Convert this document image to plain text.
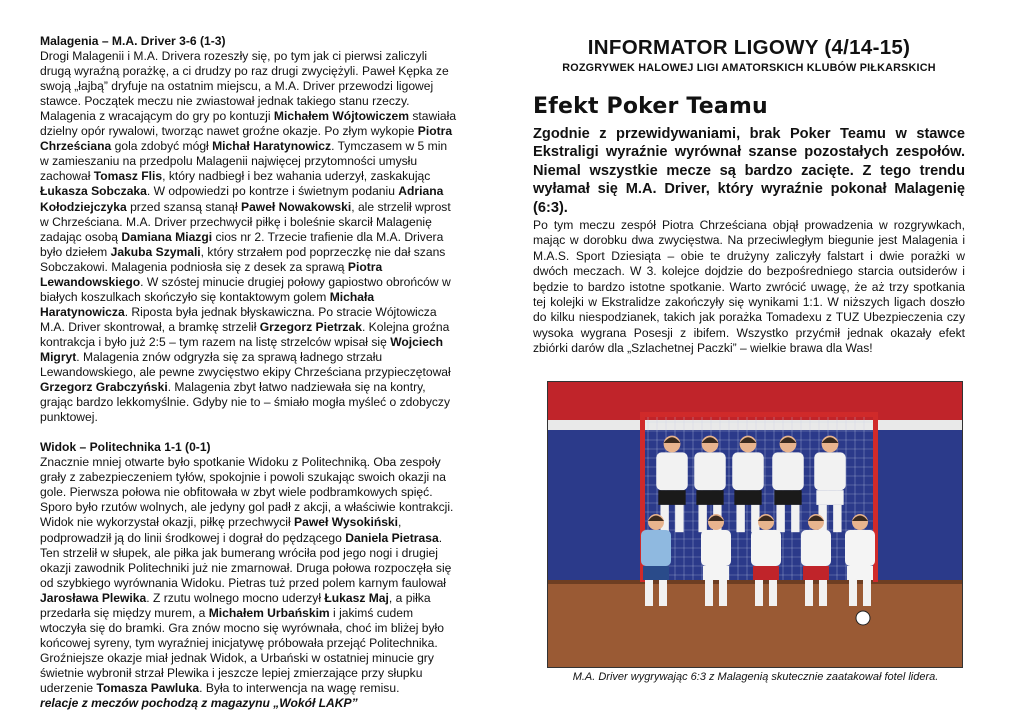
Malagenia – M.A. Driver 3-6 (1-3)

Drogi Malagenii i M.A. Drivera rozeszły się, po tym jak ci pierwsi zaliczyli

drugą wyraźną porażkę, a ci drudzy po raz drugi zwyciężyli. Paweł Kępka ze

swoją „łajbą” dryfuje na ostatnim miejscu, a M.A. Driver przewodzi ligowej

stawce. Początek meczu nie zwiastował jednak takiego stanu rzeczy.

Malagenia z wracającym do gry po kontuzji Michałem Wójtowiczem stawiała

dzielny opór rywalowi, tworząc nawet groźne okazje. Po złym wykopie Piotra

Chrześciana gola zdobyć mógł Michał Haratynowicz. Tymczasem w 5 min

w zamieszaniu na przedpolu Malagenii najwięcej przytomności umysłu

zachował Tomasz Flis, który nadbiegł i bez wahania uderzył, zaskakując

Łukasza Sobczaka. W odpowiedzi po kontrze i świetnym podaniu Adriana

Kołodziejczyka przed szansą stanął Paweł Nowakowski, ale strzelił wprost

w Chrześciana. M.A. Driver przechwycił piłkę i boleśnie skarcił Malagenię

zadając osobą Damiana Miazgi cios nr 2. Trzecie trafienie dla M.A. Drivera

było dziełem Jakuba Szymali, który strzałem pod poprzeczkę nie dał szans

Sobczakowi. Malagenia podniosła się z desek za sprawą Piotra

Lewandowskiego. W szóstej minucie drugiej połowy gapiostwo obrońców w

białych koszulkach skończyło się kontaktowym golem Michała

Haratynowicza. Riposta była jednak błyskawiczna. Po stracie Wójtowicza

M.A. Driver skontrował, a bramkę strzelił Grzegorz Pietrzak. Kolejna groźna

kontrakcja i było już 2:5 – tym razem na listę strzelców wpisał się Wojciech

Migryt. Malagenia znów odgryzła się za sprawą ładnego strzału

Lewandowskiego, ale pewne zwycięstwo ekipy Chrześciana przypieczętował

Grzegorz Grabczyński. Malagenia zbyt łatwo nadziewała się na kontry,

grając bardzo lekkomyślnie. Gdyby nie to – śmiało mogła myśleć o zdobyczy

punktowej.

Widok – Politechnika 1-1 (0-1)

Znacznie mniej otwarte było spotkanie Widoku z Politechniką. Oba zespoły

grały z zabezpieczeniem tyłów, spokojnie i powoli szukając swoich okazji na

gole. Pierwsza połowa nie obfitowała w zbyt wiele podbramkowych spięć.

Sporo było rzutów wolnych, ale jedyny gol padł z akcji, a właściwie kontrakcji.

Widok nie wykorzystał okazji, piłkę przechwycił Paweł Wysokiński,

podprowadził ją do linii środkowej i dograł do pędzącego Daniela Pietrasa.

Ten strzelił w słupek, ale piłka jak bumerang wróciła pod jego nogi i drugiej

okazji zawodnik Politechniki już nie zmarnował. Druga połowa rozpoczęła się

od szybkiego wyrównania Widoku. Pietras tuż przed polem karnym faulował

Jarosława Plewika. Z rzutu wolnego mocno uderzył Łukasz Maj, a piłka

przedarła się między murem, a Michałem Urbańskim i jakimś cudem

wtoczyła się do bramki. Gra znów mocno się wyrównała, choć im bliżej było

końcowej syreny, tym wyraźniej inicjatywę próbowała przejąć Politechnika.

Groźniejsze okazje miał jednak Widok, a Urbański w ostatniej minucie gry

świetnie wybronił strzał Plewika i jeszcze lepiej zmierzające przy słupku

uderzenie Tomasza Pawluka. Była to interwencja na wagę remisu.

relacje z meczów pochodzą z magazynu „Wokół LAKP”

INFORMATOR LIGOWY (4/14-15)
ROZGRYWEK HALOWEJ LIGI AMATORSKICH KLUBÓW PIŁKARSKICH
Efekt Poker Teamu
Zgodnie z przewidywaniami, brak Poker Teamu w stawce Ekstraligi wyraźnie wyrównał szanse pozostałych zespołów. Niemal wszystkie mecze są bardzo zacięte. Z tego trendu wyłamał się M.A. Driver, który wyraźnie pokonał Malagenię (6:3).
Po tym meczu zespół Piotra Chrześciana objął prowadzenia w rozgrywkach, mając w dorobku dwa zwycięstwa. Na przeciwległym biegunie jest Malagenia i M.A.S. Sport Dziesiąta – obie te drużyny zaliczyły falstart i dwie porażki w dwóch meczach. W 3. kolejce dojdzie do bezpośredniego starcia outsiderów i będzie to bardzo istotne spotkanie. Warto zwrócić uwagę, że aż trzy spotkania tej kolejki w Ekstralidze zakończyły się wynikami 1:1. W niższych ligach doszło do kilku niespodzianek, takich jak porażka Tomadexu z TUZ Ubezpieczenia czy wysoka wygrana Posesji z ibifem. Wszystko przyćmił jednak okazały efekt zbiórki darów dla „Szlachetnej Paczki” – wielkie brawa dla Was!
M.A. Driver wygrywając 6:3 z Malagenią skutecznie zaatakował fotel lidera.
